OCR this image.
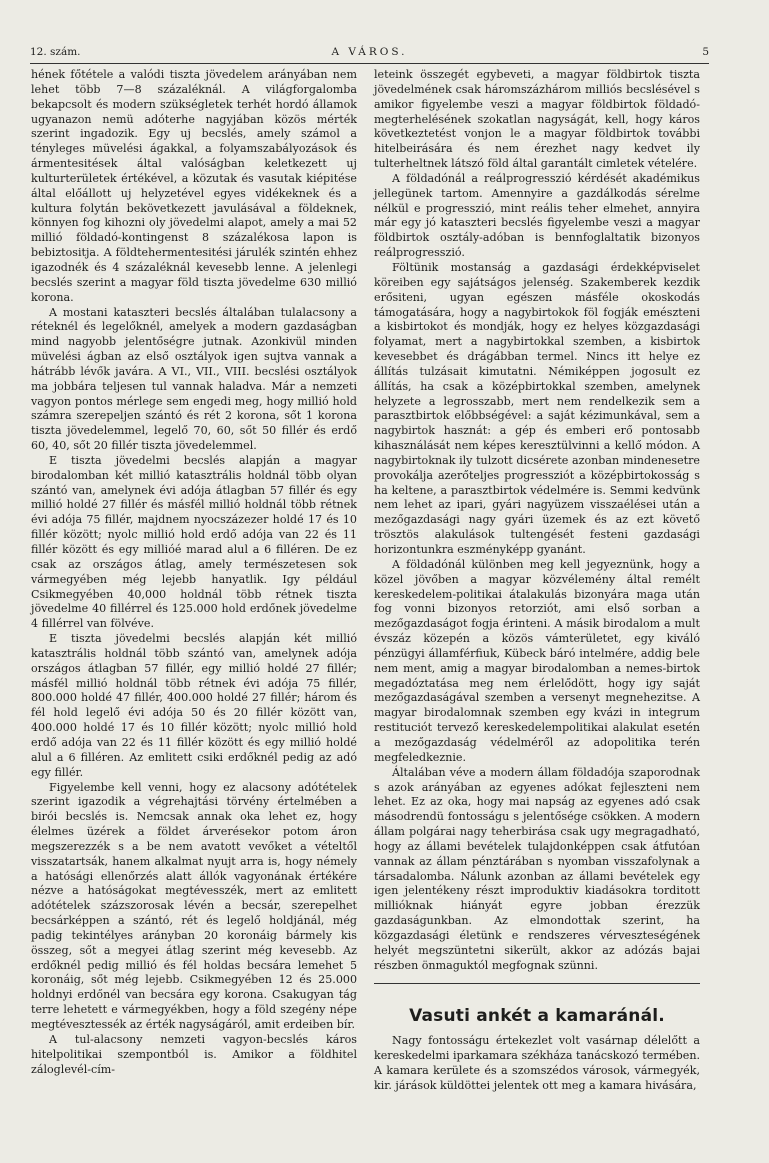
12. szám.	A VÁROS.	5

hének főtétele a valódi tiszta jövedelem arányában nem lehet több 7—8 százaléknál. A világforgalomba bekapcsolt és modern szükségletek terhét hordó államok ugyanazon nemü adóterhe nagyjában közös mérték szerint ingadozik. Egy uj becslés, amely számol a tényleges müvelési ágakkal, a folyamszabályozások és ármentesitések által valóságban keletkezett uj kulturterületek értékével, a közutak és vasutak kiépitése által előállott uj helyzetével egyes vidékeknek és a kultura folytán bekövetkezett javulásával a földeknek, könnyen fog kihozni oly jövedelmi alapot, amely a mai 52 millió földadó-kontingenst 8 százalékosa lapon is bebiztositja. A földtehermentesitési járulék szintén ehhez igazodnék és 4 százaléknál kevesebb lenne. A jelenlegi becslés szerint a magyar föld tiszta jövedelme 630 millió korona.

A mostani kataszteri becslés általában tulalacsony a réteknél és legelőknél, amelyek a modern gazdaságban mind nagyobb jelentőségre jutnak. Azonkivül minden müvelési ágban az első osztályok igen sujtva vannak a hátrább lévők javára. A VI., VII., VIII. becslési osztályok ma jobbára teljesen tul vannak haladva. Már a nemzeti vagyon pontos mérlege sem engedi meg, hogy millió hold számra szerepeljen szántó és rét 2 korona, sőt 1 korona tiszta jövedelemmel, legelő 70, 60, sőt 50 fillér és erdő 60, 40, sőt 20 fillér tiszta jövedelemmel.

E tiszta jövedelmi becslés alapján a magyar birodalomban két millió katasztrális holdnál több olyan szántó van, amelynek évi adója átlagban 57 fillér és egy millió holdé 27 fillér és másfél millió holdnál több rétnek évi adója 75 fillér, majdnem nyocszázezer holdé 17 és 10 fillér között; nyolc millió hold erdő adója van 22 és 11 fillér között és egy millióé marad alul a 6 filléren. De ez csak az országos átlag, amely természetesen sok vármegyében még lejebb hanyatlik. Igy például Csikmegyében 40,000 holdnál több rétnek tiszta jövedelme 40 fillérrel és 125.000 hold erdőnek jövedelme 4 fillérrel van fölvéve.

E tiszta jövedelmi becslés alapján két millió katasztrális holdnál több szántó van, amelynek adója országos átlagban 57 fillér, egy millió holdé 27 fillér; másfél millió holdnál több rétnek évi adója 75 fillér, 800.000 holdé 47 fillér, 400.000 holdé 27 fillér; három és fél hold legelő évi adója 50 és 20 fillér között van, 400.000 holdé 17 és 10 fillér között; nyolc millió hold erdő adója van 22 és 11 fillér között és egy millió holdé alul a 6 filléren. Az emlitett csiki erdőknél pedig az adó egy fillér.

Figyelembe kell venni, hogy ez alacsony adótételek szerint igazodik a végrehajtási törvény értelmében a birói becslés is. Nemcsak annak oka lehet ez, hogy élelmes üzérek a földet árverésekor potom áron megszerezzék s a be nem avatott vevőket a vételtől visszatartsák, hanem alkalmat nyujt arra is, hogy némely a hatósági ellenőrzés alatt állók vagyonának értékére nézve a hatóságokat megtévesszék, mert az emlitett adótételek százszorosak lévén a becsár, szerepelhet becsárképpen a szántó, rét és legelő holdjánál, még padig tekintélyes arányban 20 koronáig bármely kis összeg, sőt a megyei átlag szerint még kevesebb. Az erdőknél pedig millió és fél holdas becsára lemehet 5 koronáig, sőt még lejebb. Csikmegyében 12 és 25.000 holdnyi erdőnél van becsára egy korona. Csakugyan tág terre lehetett e vármegyékben, hogy a föld szegény népe megtévesztessék az érték nagyságáról, amit erdeiben bír.

A tul-alacsony nemzeti vagyon-becslés káros hitelpolitikai szempontból is. Amikor a földhitel záloglevél-cím-

leteink összegét egybeveti, a magyar földbirtok tiszta jövedelmének csak háromszázhárom milliós becslésével s amikor figyelembe veszi a magyar földbirtok földadó-megterhelésének szokatlan nagyságát, kell, hogy káros következtetést vonjon le a magyar földbirtok további hitelbeirására és nem érezhet nagy kedvet ily tulterheltnek látszó föld által garantált cimletek vételére.

A földadónál a reálprogresszió kérdését akadémikus jellegünek tartom. Amennyire a gazdálkodás sérelme nélkül e progresszió, mint reális teher elmehet, annyira már egy jó kataszteri becslés figyelembe veszi a magyar földbirtok osztály-adóban is bennfoglaltatik bizonyos reálprogresszió.

Föltünik mostanság a gazdasági érdekképviselet köreiben egy sajátságos jelenség. Szakemberek kezdik erősiteni, ugyan egészen másféle okoskodás támogatására, hogy a nagybirtokok föl fogják emészteni a kisbirtokot és mondják, hogy ez helyes közgazdasági folyamat, mert a nagybirtokkal szemben, a kisbirtok kevesebbet és drágábban termel. Nincs itt helye ez állítás tulzásait kimutatni. Némiképpen jogosult ez állítás, ha csak a középbirtokkal szemben, amelynek helyzete a legrosszabb, mert nem rendelkezik sem a parasztbirtok előbbségével: a saját kézimunkával, sem a nagybirtok hasznát: a gép és emberi erő pontosabb kihasználását nem képes keresztülvinni a kellő módon. A nagybirtoknak ily tulzott dicsérete azonban mindenesetre provokálja azerőteljes progressziót a középbirtokosság s ha keltene, a parasztbirtok védelmére is. Semmi kedvünk nem lehet az ipari, gyári nagyüzem visszaélései után a mezőgazdasági nagy gyári üzemek és az ezt követő trösztös alakulások tultengését festeni gazdasági horizontunkra eszményképp gyanánt.

A földadónál különben meg kell jegyeznünk, hogy a közel jövőben a magyar közvélemény által remélt kereskedelem-politikai átalakulás bizonyára maga után fog vonni bizonyos retorziót, ami első sorban a mezőgazdaságot fogja érinteni. A másik birodalom a mult évszáz közepén a közös vámterületet, egy kiváló pénzügyi államférfiuk, Kübeck báró intelmére, addig bele nem ment, amig a magyar birodalomban a nemes-birtok megadóztatása meg nem érlelődött, hogy igy saját mezőgazdaságával szemben a versenyt megnehezitse. A magyar birodalomnak szemben egy kvázi in integrum restituciót tervező kereskedelempolitikai alakulat esetén a mezőgazdaság védelméről az adopolitika terén megfeledkeznie.

Általában véve a modern állam földadója szaporodnak s azok arányában az egyenes adókat fejleszteni nem lehet. Ez az oka, hogy mai napság az egyenes adó csak másodrendü fontosságu s jelentősége csökken. A modern állam polgárai nagy teherbirása csak ugy megragadható, hogy az állami bevételek tulajdonképpen csak átfutóan vannak az állam pénztárában s nyomban visszafolynak a társadalomba. Nálunk azonban az állami bevételek egy igen jelentékeny részt improduktiv kiadásokra torditott millióknak hiányát egyre jobban érezzük gazdaságunkban. Az elmondottak szerint, ha közgazdasági életünk e rendszeres vérveszteségének helyét megszüntetni sikerült, akkor az adózás bajai részben önmaguktól megfognak szünni.

Vasuti ankét a kamaránál.

Nagy fontosságu értekezlet volt vasárnap délelőtt a kereskedelmi iparkamara székháza tanácskozó termében. A kamara kerülete és a szomszédos városok, vármegyék, kir. járások küldöttei jelentek ott meg a kamara hivására,
